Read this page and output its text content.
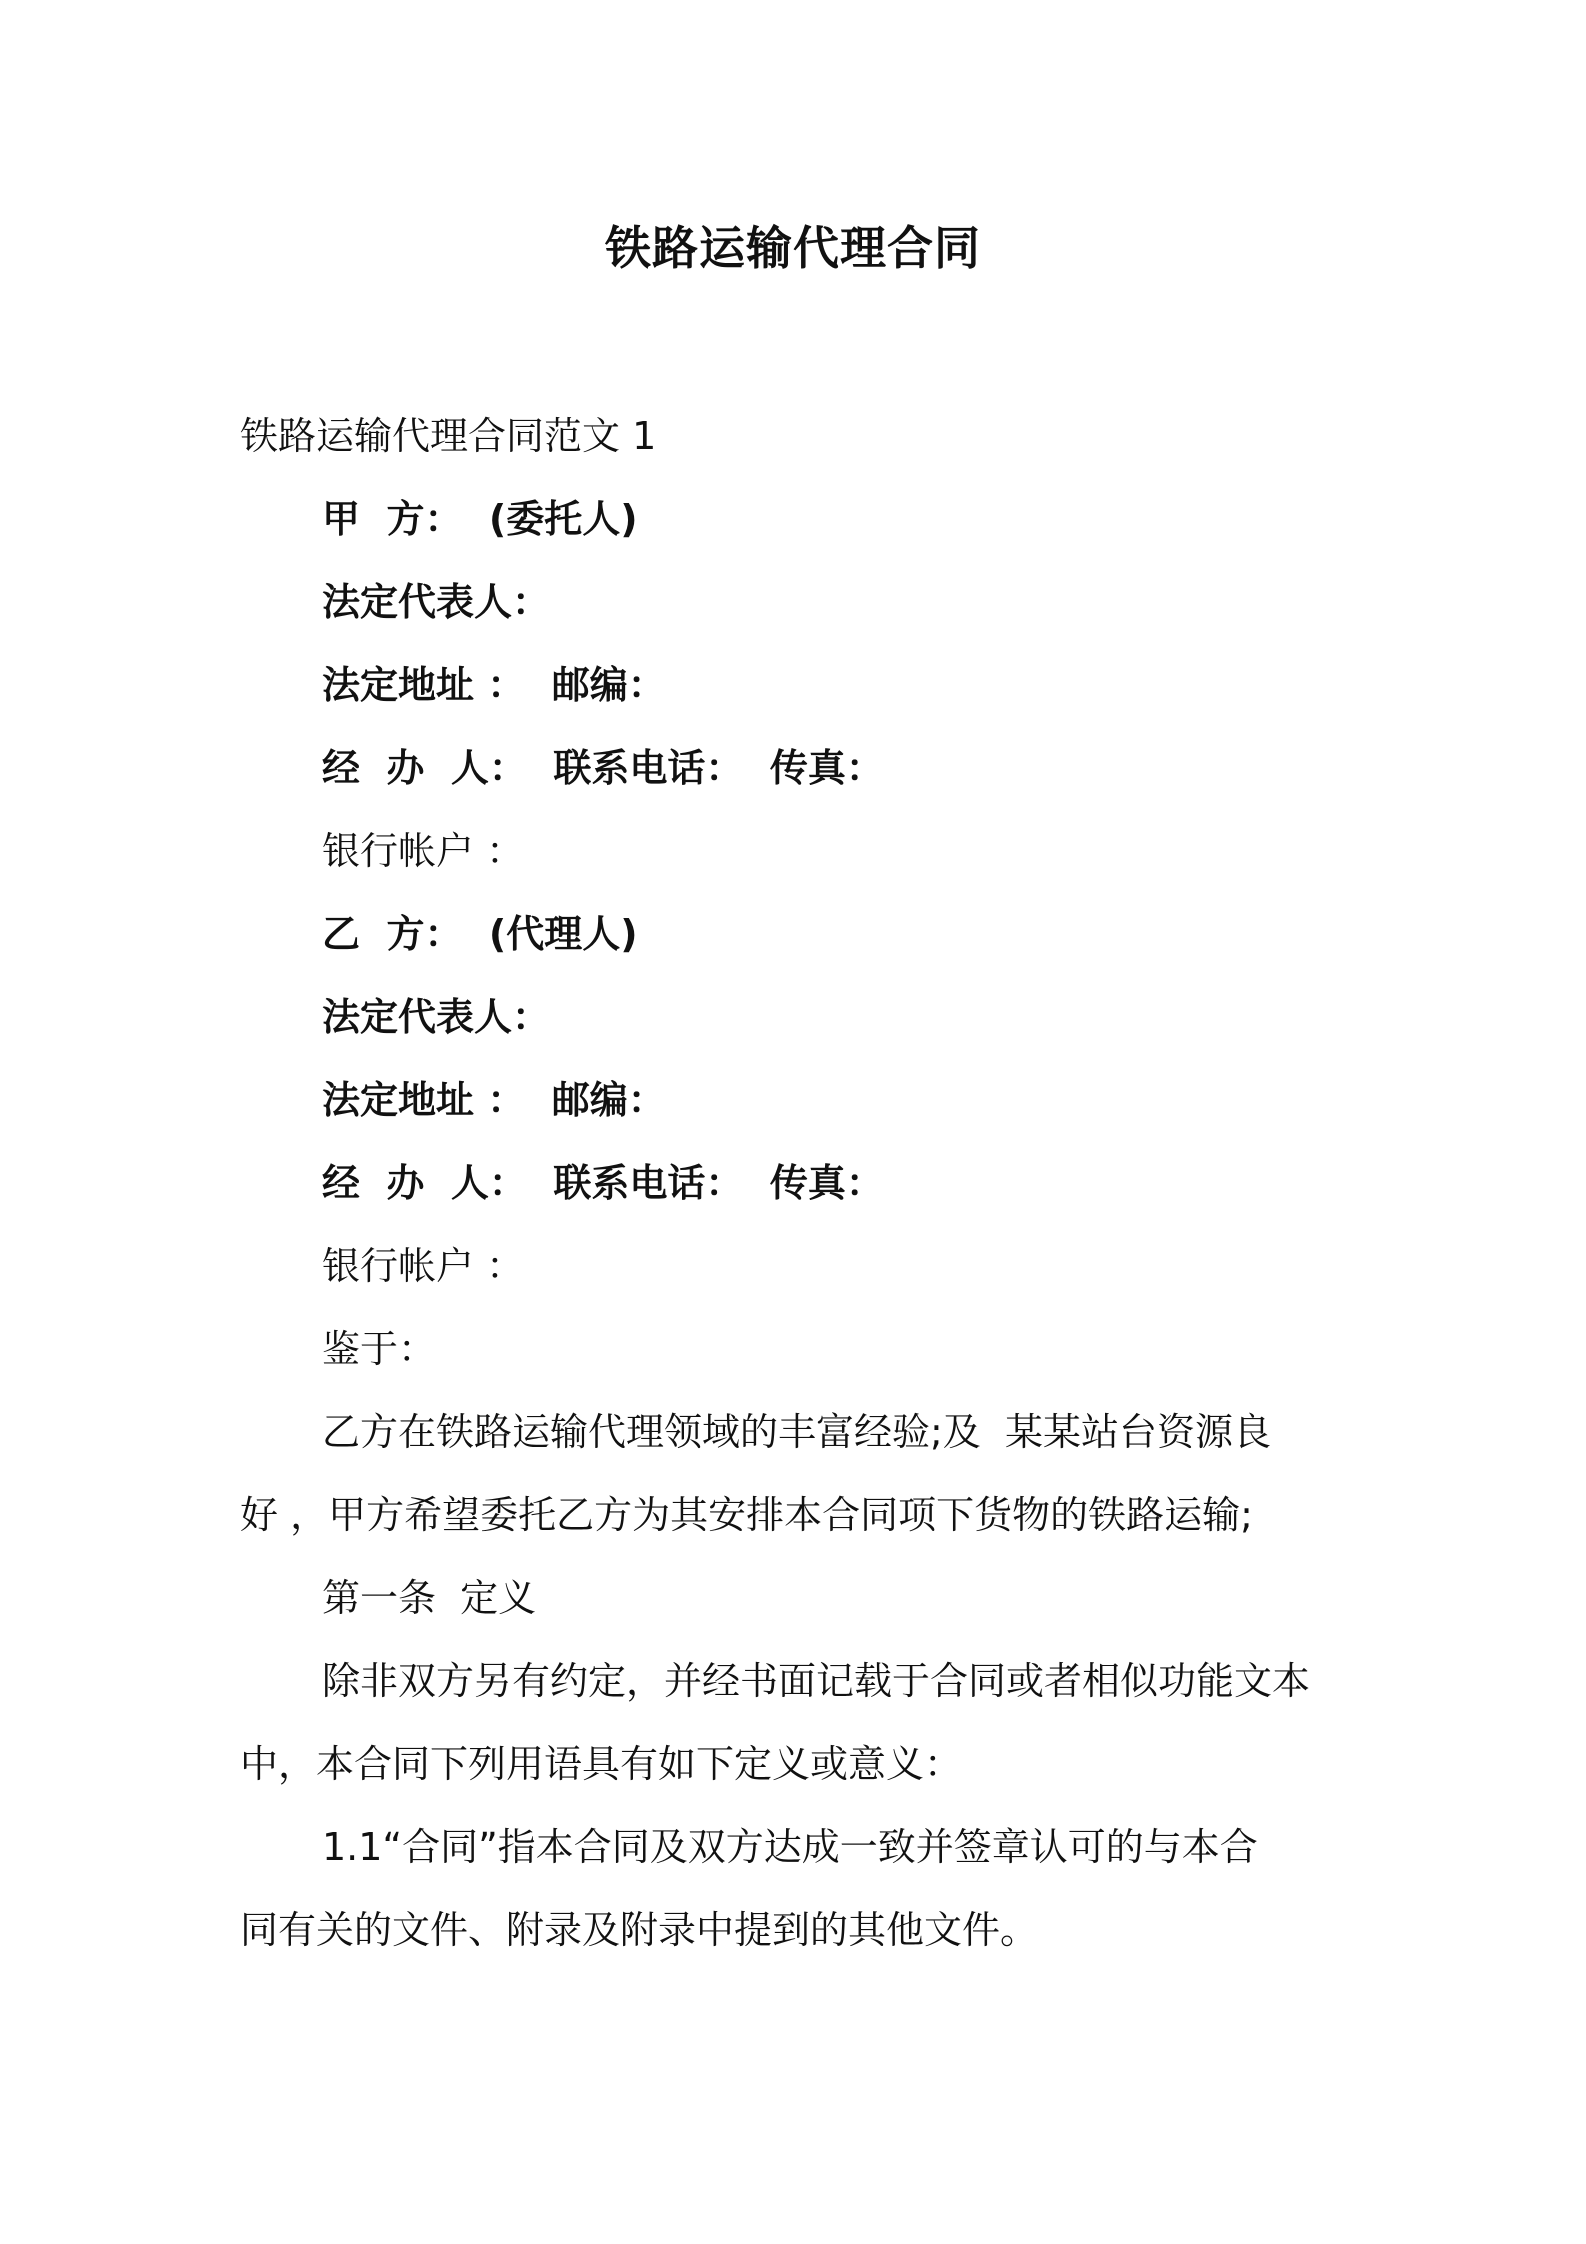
铁路运输代理合同
铁路运输代理合同范文 1
甲  方：  (委托人)
法定代表人：
法定地址 ：  邮编：
经  办  人：  联系电话：  传真：
银行帐户 ：
乙  方：  (代理人)
法定代表人：
法定地址 ：  邮编：
经  办  人：  联系电话：  传真：
银行帐户 ：
鉴于：
乙方在铁路运输代理领域的丰富经验;及  某某站台资源良
好 ，甲方希望委托乙方为其安排本合同项下货物的铁路运输;
第一条  定义
除非双方另有约定，并经书面记载于合同或者相似功能文本
中，本合同下列用语具有如下定义或意义：
1.1“合同”指本合同及双方达成一致并签章认可的与本合
同有关的文件、附录及附录中提到的其他文件。
